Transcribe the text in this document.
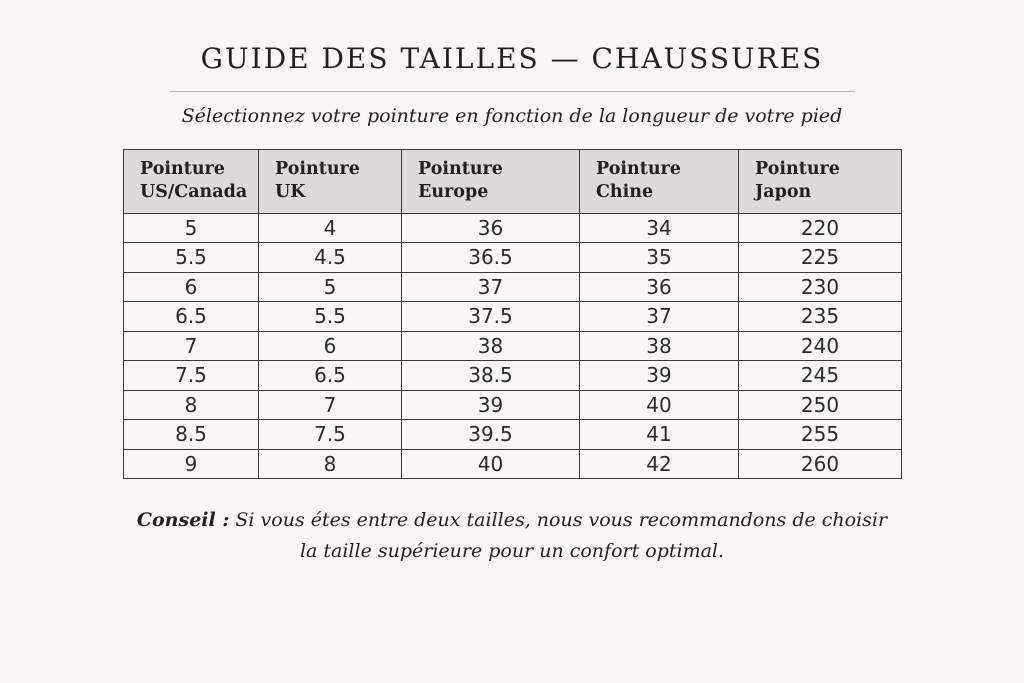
GUIDE DES TAILLES — CHAUSSURES
Sélectionnez votre pointure en fonction de la longueur de votre pied
Pointure US/Canada	Pointure UK	Pointure Europe	Pointure Chine	Pointure Japon
5	4	36	34	220
5.5	4.5	36.5	35	225
6	5	37	36	230
6.5	5.5	37.5	37	235
7	6	38	38	240
7.5	6.5	38.5	39	245
8	7	39	40	250
8.5	7.5	39.5	41	255
9	8	40	42	260

Conseil : Si vous étes entre deux tailles, nous vous recommandons de choisir la taille supérieure pour un confort optimal.
